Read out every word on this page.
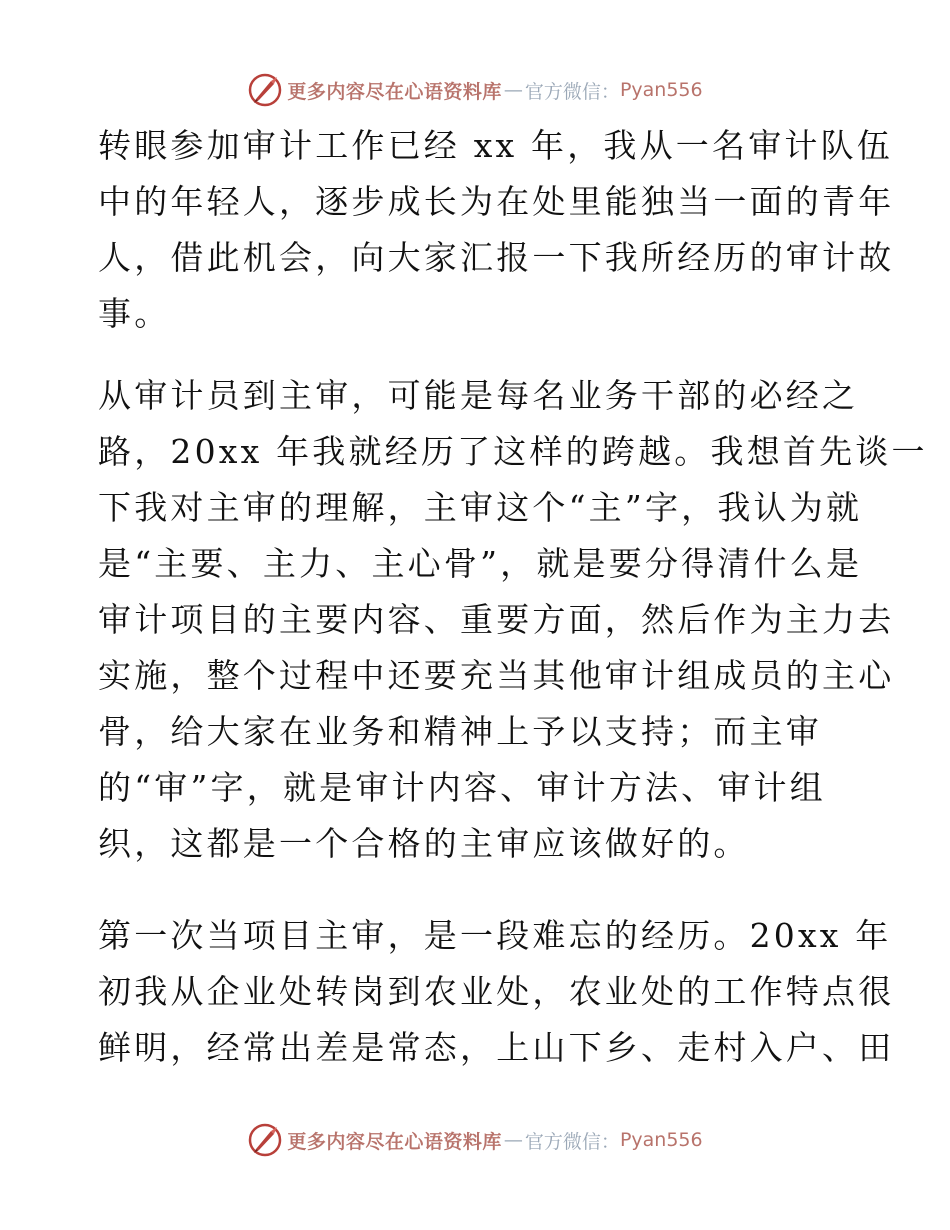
更多内容尽在心语资料库 — 官方微信： Pyan556
转眼参加审计工作已经 xx 年，我从一名审计队伍
中的年轻人，逐步成长为在处里能独当一面的青年
人，借此机会，向大家汇报一下我所经历的审计故
事。
从审计员到主审，可能是每名业务干部的必经之
路，20xx 年我就经历了这样的跨越。我想首先谈一
下我对主审的理解，主审这个“主”字，我认为就
是“主要、主力、主心骨”，就是要分得清什么是
审计项目的主要内容、重要方面，然后作为主力去
实施，整个过程中还要充当其他审计组成员的主心
骨，给大家在业务和精神上予以支持；而主审
的“审”字，就是审计内容、审计方法、审计组
织，这都是一个合格的主审应该做好的。
第一次当项目主审，是一段难忘的经历。20xx 年
初我从企业处转岗到农业处，农业处的工作特点很
鲜明，经常出差是常态，上山下乡、走村入户、田
更多内容尽在心语资料库 — 官方微信： Pyan556
